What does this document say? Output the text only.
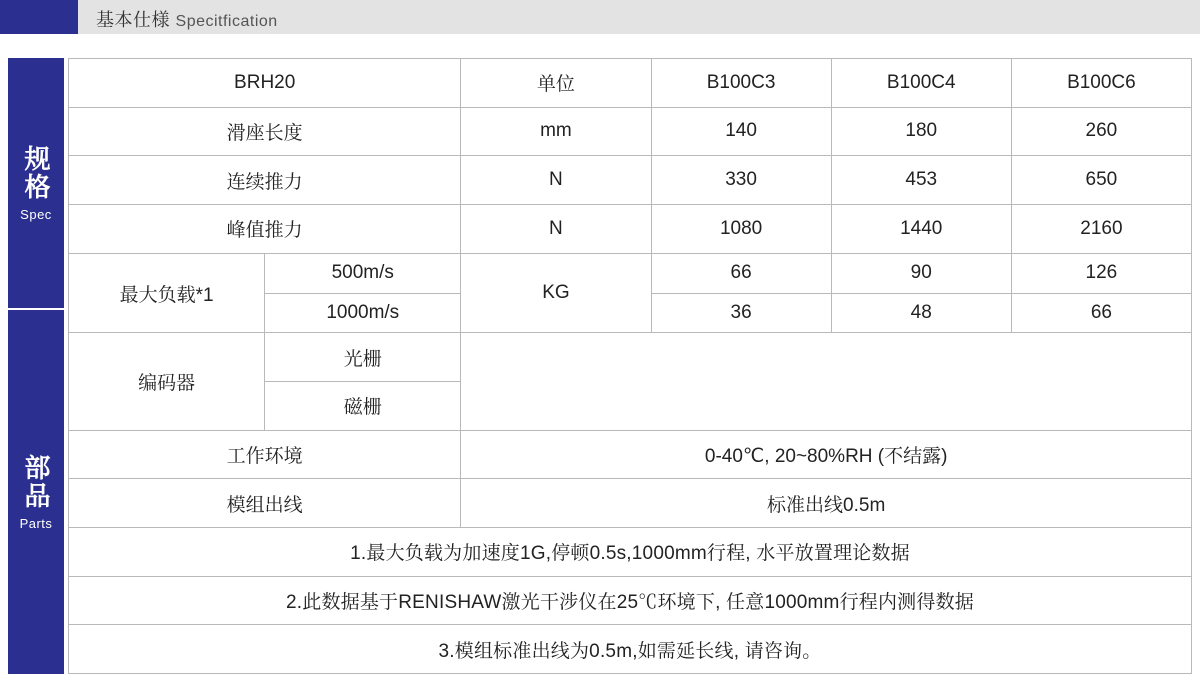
基本仕様 Specitfication
规格
Spec
部品
Parts
BRH20		单位	B100C3	B100C4	B100C6
滑座长度		mm	140	180	260
连续推力		N	330	453	650
峰值推力		N	1080	1440	2160
最大负载*1	500m/s	KG	66	90	126
	1000m/s		36	48	66
编码器	光栅				
	磁栅				
工作环境		0-40℃, 20~80%RH (不结露)			
模组出线		标准出线0.5m			
1.最大负载为加速度1G,停顿0.5s,1000mm行程, 水平放置理论数据					
2.此数据基于RENISHAW激光干涉仪在25℃环境下, 任意1000mm行程内测得数据					
3.模组标准出线为0.5m,如需延长线, 请咨询。					
